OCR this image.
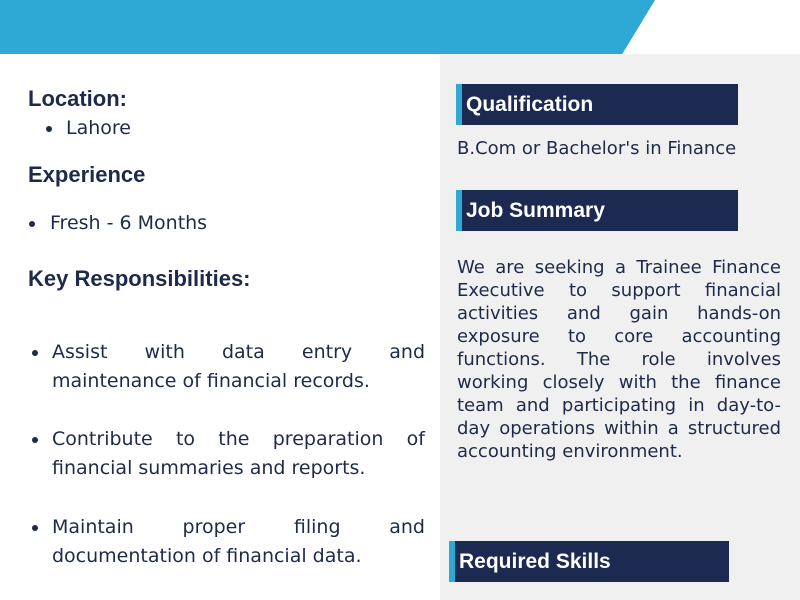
Location:
Lahore
Experience
Fresh - 6 Months
Key Responsibilities:
Assist with data entry and maintenance of financial records.
Contribute to the preparation of financial summaries and reports.
Maintain proper filing and documentation of financial data.
Qualification
B.Com or Bachelor's in Finance
Job Summary
We are seeking a Trainee Finance Executive to support financial activities and gain hands-on exposure to core accounting functions. The role involves working closely with the finance team and participating in day-to-day operations within a structured accounting environment.
Required Skills
